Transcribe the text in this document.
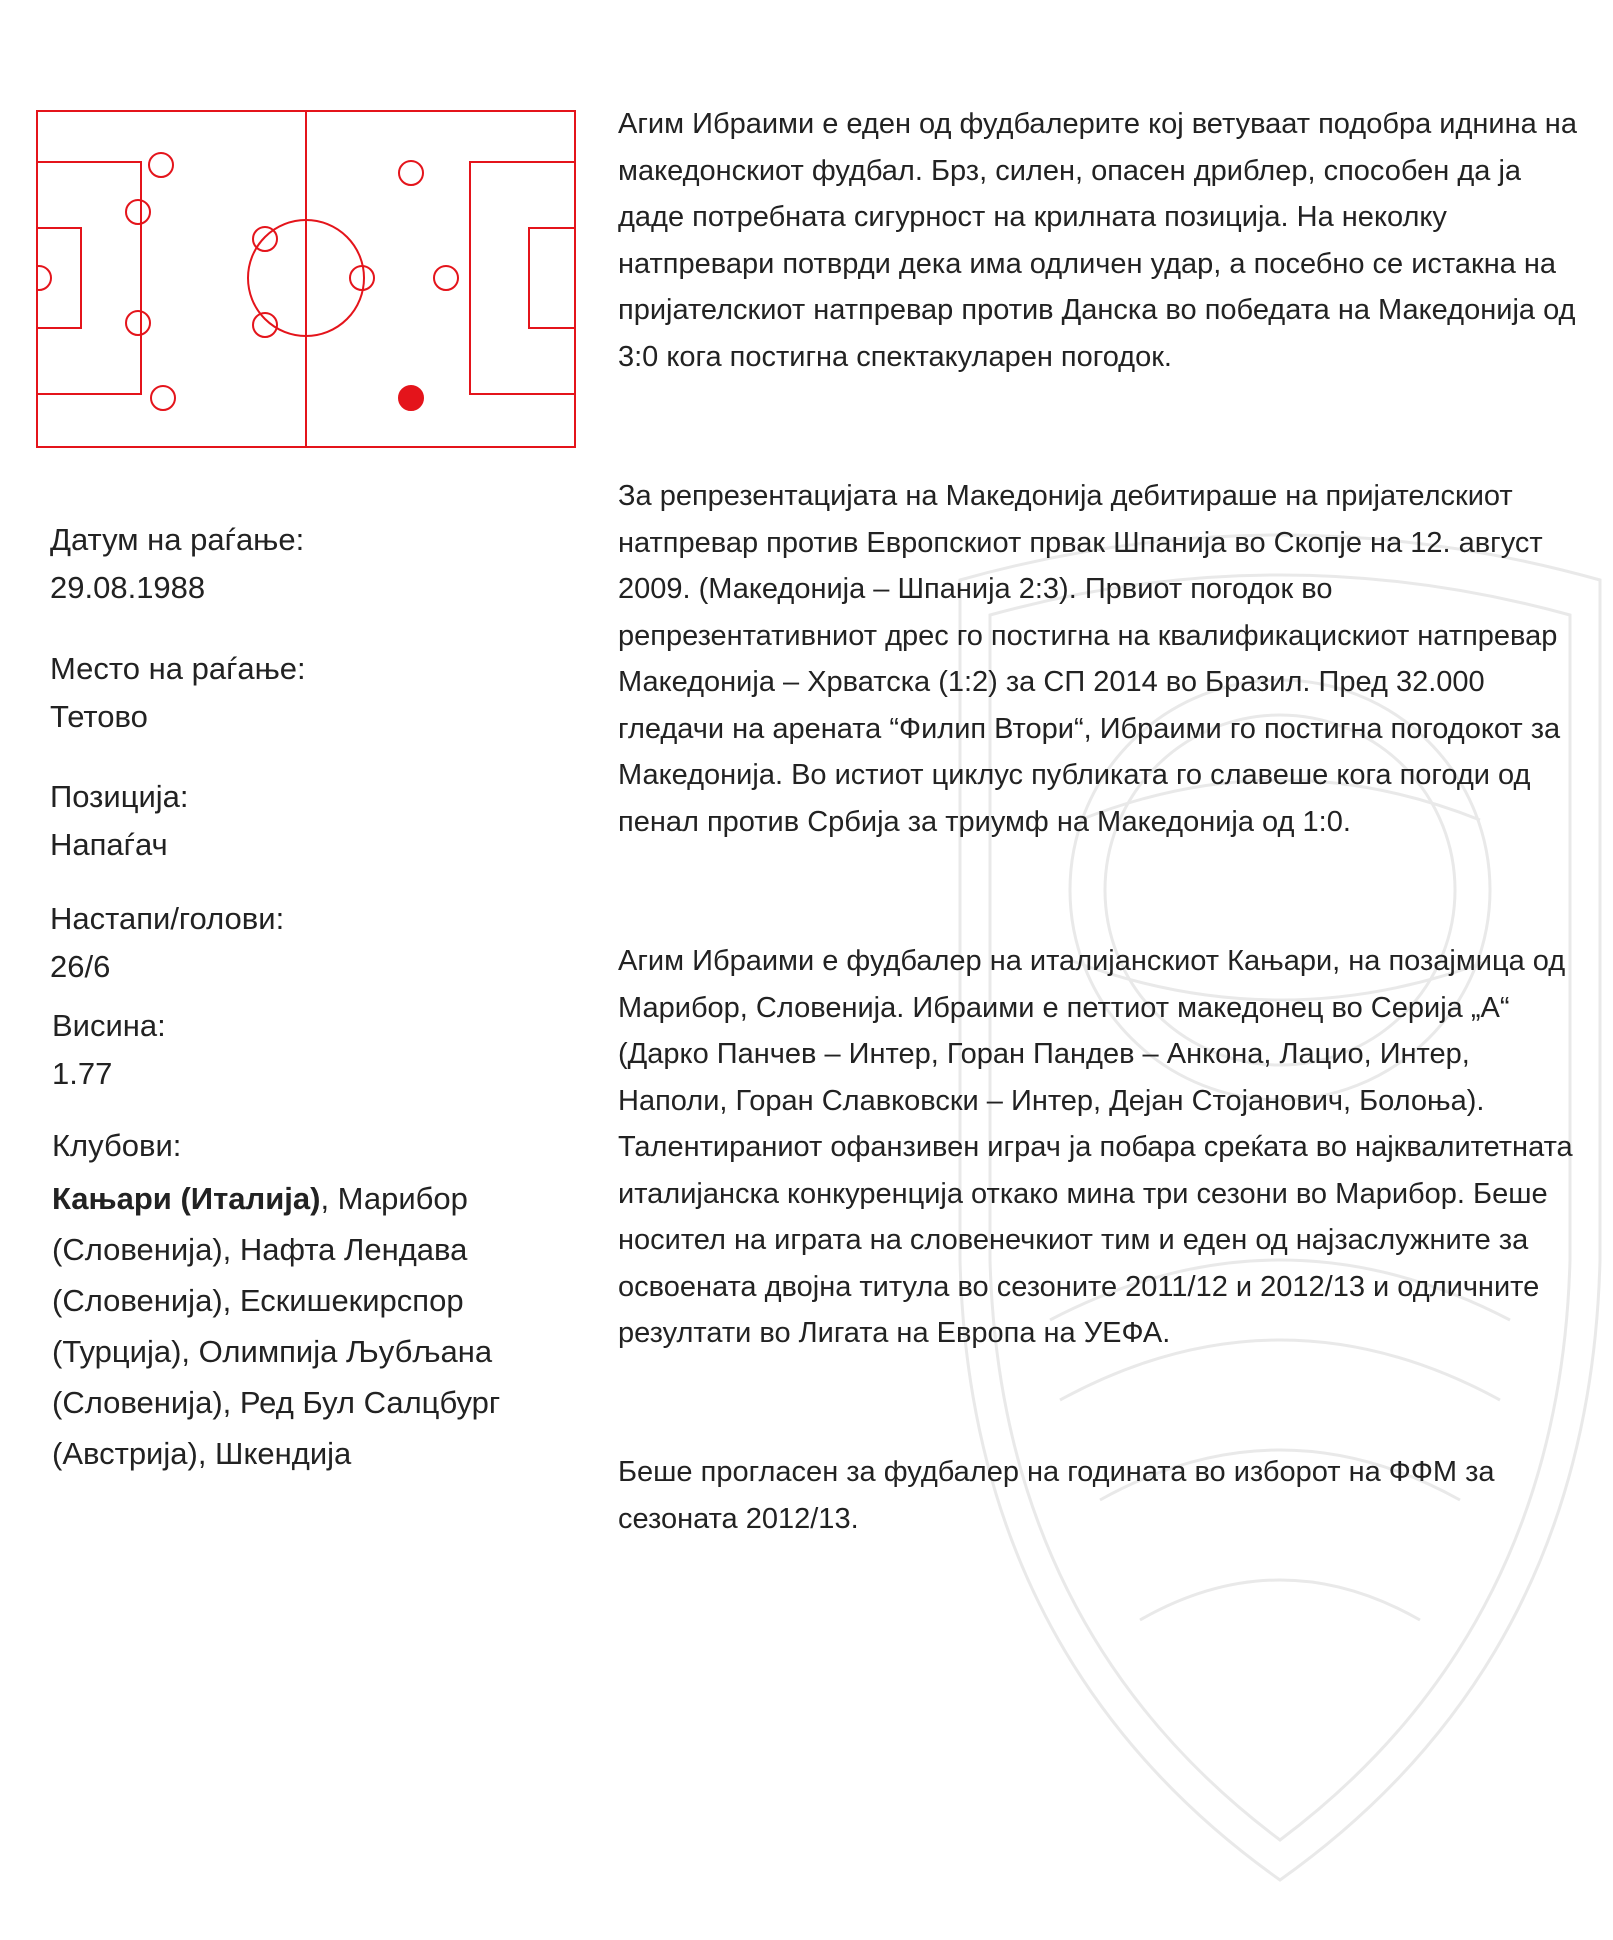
Датум на раѓање:
29.08.1988
Место на раѓање:
Тетово
Позиција:
Напаѓач
Настапи/голови:
26/6
Висина:
1.77
Клубови:
Кањари (Италија), Марибор (Словенија), Нафта Лендава (Словенија), Ескишекирспор (Турција), Олимпија Љубљана (Словенија), Ред Бул Салцбург (Австрија), Шкендија

Агим Ибраими е еден од фудбалерите кој ветуваат подобра иднина на македонскиот фудбал. Брз, силен, опасен дриблер, способен да ја даде потребната сигурност на крилната позиција. На неколку натпревари потврди дека има одличен удар, а посебно се истакна на пријателскиот натпревар против Данска во победата на Македонија од 3:0 кога постигна спектакуларен погодок.

За репрезентацијата на Македонија дебитираше на пријателскиот натпревар против Европскиот првак Шпанија во Скопје на 12. август 2009. (Македонија – Шпанија 2:3). Првиот погодок во репрезентативниот дрес го постигна на квалификацискиот натпревар Македонија – Хрватска (1:2) за СП 2014 во Бразил. Пред 32.000 гледачи на арената “Филип Втори“, Ибраими го постигна погодокот за Македонија. Во истиот циклус публиката го славеше кога погоди од пенал против Србија за триумф на Македонија од 1:0.

Агим Ибраими е фудбалер на италијанскиот Кањари, на позајмица од Марибор, Словенија. Ибраими е петтиот македонец во Серија „А“ (Дарко Панчев – Интер, Горан Пандев – Анкона, Лацио, Интер, Наполи, Горан Славковски – Интер, Дејан Стојанович, Болоња). Талентираниот офанзивен играч ја побара среќата во најквалитетната италијанска конкуренција откако мина три сезони во Марибор. Беше носител на играта на словенечкиот тим и еден од најзаслужните за освоената двојна титула во сезоните 2011/12 и 2012/13 и одличните резултати во Лигата на Европа на УЕФА.

Беше прогласен за фудбалер на годината во изборот на ФФМ за сезоната 2012/13.
